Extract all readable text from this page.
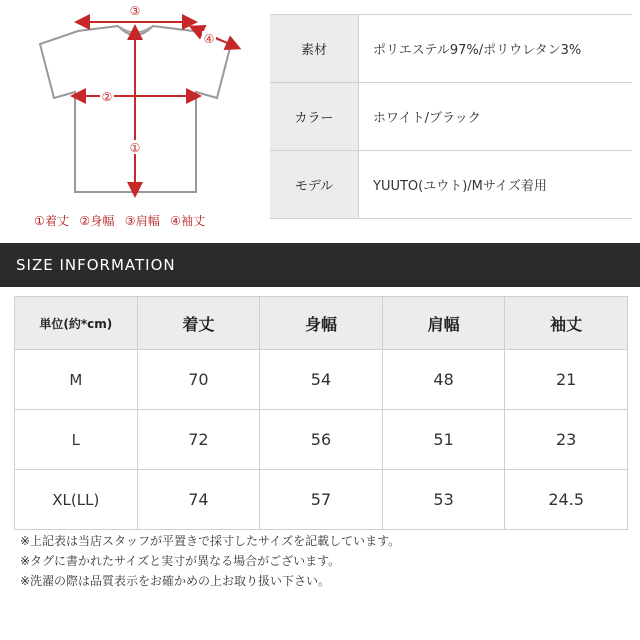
③
④
②
①
①着丈 ②身幅 ③肩幅 ④袖丈
素材	ポリエステル97%/ポリウレタン3%
カラー	ホワイト/ブラック
モデル	YUUTO(ユウト)/Mサイズ着用
SIZE INFORMATION
単位(約*cm)	着丈	身幅	肩幅	袖丈
M	70	54	48	21
L	72	56	51	23
XL(LL)	74	57	53	24.5
※上記表は当店スタッフが平置きで採寸したサイズを記載しています。
※タグに書かれたサイズと実寸が異なる場合がございます。
※洗濯の際は品質表示をお確かめの上お取り扱い下さい。
